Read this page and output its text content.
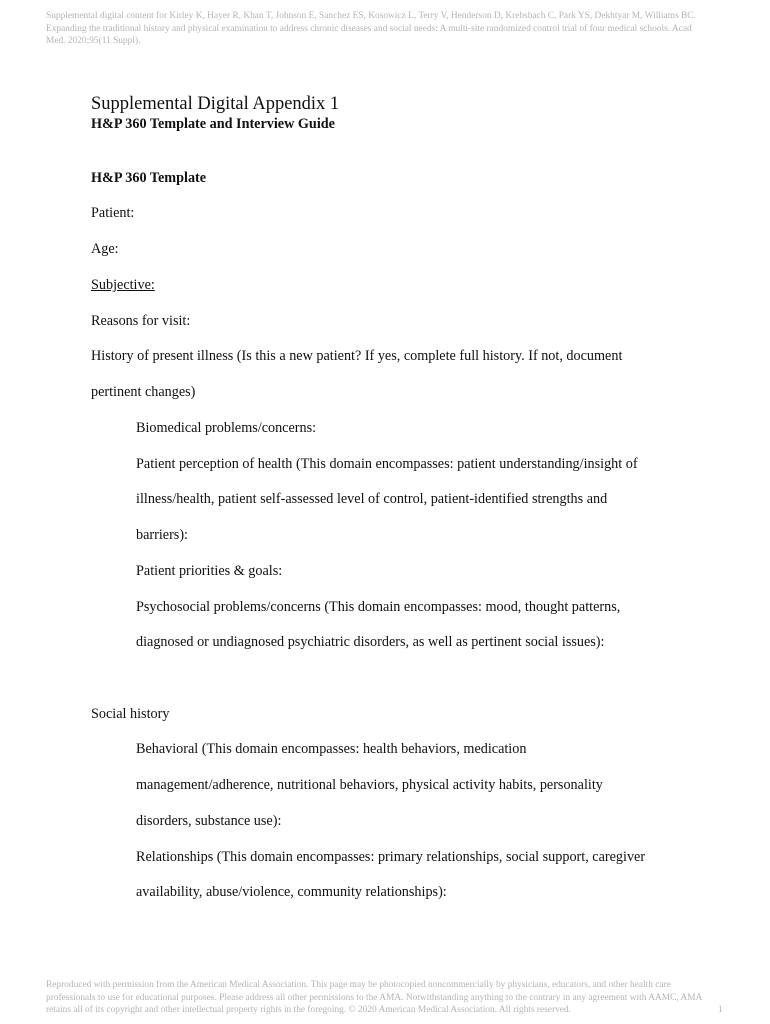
Supplemental digital content for Kirley K, Hayer R, Khan T, Johnson E, Sanchez ES, Kosowicz L, Terry V, Henderson D, Krebsbach C, Park YS, Dekhtyar M, Williams BC. Expanding the traditional history and physical examination to address chronic diseases and social needs: A multi-site randomized control trial of four medical schools. Acad Med. 2020;95(11 Suppl).
Supplemental Digital Appendix 1
H&P 360 Template and Interview Guide
H&P 360 Template
Patient:
Age:
Subjective:
Reasons for visit:
History of present illness (Is this a new patient? If yes, complete full history. If not, document
pertinent changes)
Biomedical problems/concerns:
Patient perception of health (This domain encompasses: patient understanding/insight of
illness/health, patient self-assessed level of control, patient-identified strengths and
barriers):
Patient priorities & goals:
Psychosocial problems/concerns (This domain encompasses: mood, thought patterns,
diagnosed or undiagnosed psychiatric disorders, as well as pertinent social issues):
Social history
Behavioral (This domain encompasses: health behaviors, medication
management/adherence, nutritional behaviors, physical activity habits, personality
disorders, substance use):
Relationships (This domain encompasses: primary relationships, social support, caregiver
availability, abuse/violence, community relationships):
Reproduced with permission from the American Medical Association. This page may be photocopied noncommercially by physicians, educators, and other health care professionals to use for educational purposes. Please address all other permissions to the AMA. Notwithstanding anything to the contrary in any agreement with AAMC, AMA retains all of its copyright and other intellectual property rights in the foregoing. © 2020 American Medical Association. All rights reserved.	1
